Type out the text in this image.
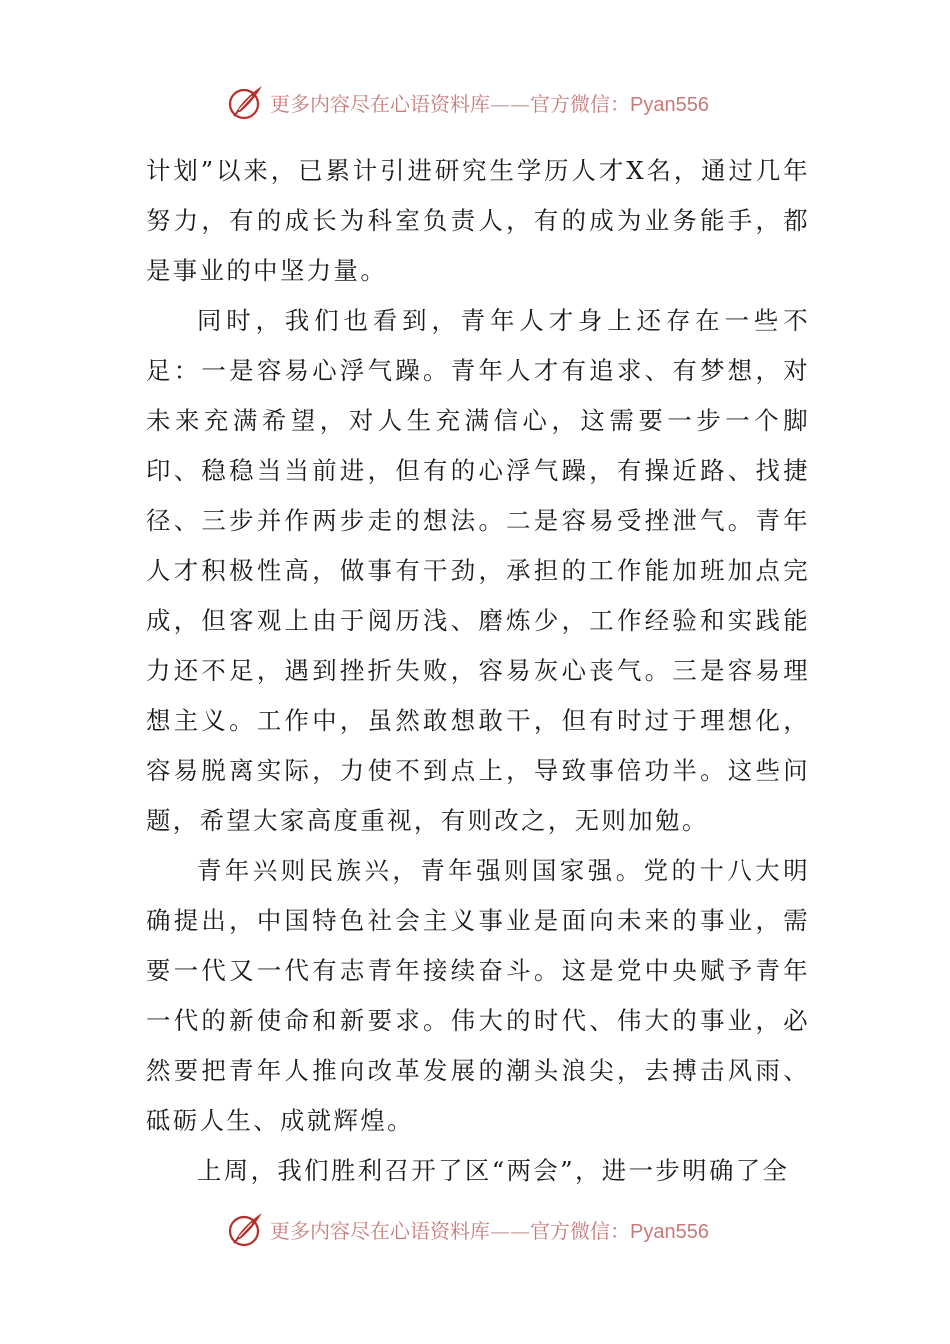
更多内容尽在心语资料库——官方微信：Pyan556

计划”以来，已累计引进研究生学历人才X名，通过几年努力，有的成长为科室负责人，有的成为业务能手，都是事业的中坚力量。

同时，我们也看到，青年人才身上还存在一些不足：一是容易心浮气躁。青年人才有追求、有梦想，对未来充满希望，对人生充满信心，这需要一步一个脚印、稳稳当当前进，但有的心浮气躁，有操近路、找捷径、三步并作两步走的想法。二是容易受挫泄气。青年人才积极性高，做事有干劲，承担的工作能加班加点完成，但客观上由于阅历浅、磨炼少，工作经验和实践能力还不足，遇到挫折失败，容易灰心丧气。三是容易理想主义。工作中，虽然敢想敢干，但有时过于理想化，容易脱离实际，力使不到点上，导致事倍功半。这些问题，希望大家高度重视，有则改之，无则加勉。

青年兴则民族兴，青年强则国家强。党的十八大明确提出，中国特色社会主义事业是面向未来的事业，需要一代又一代有志青年接续奋斗。这是党中央赋予青年一代的新使命和新要求。伟大的时代、伟大的事业，必然要把青年人推向改革发展的潮头浪尖，去搏击风雨、砥砺人生、成就辉煌。

上周，我们胜利召开了区“两会”，进一步明确了全

更多内容尽在心语资料库——官方微信：Pyan556
